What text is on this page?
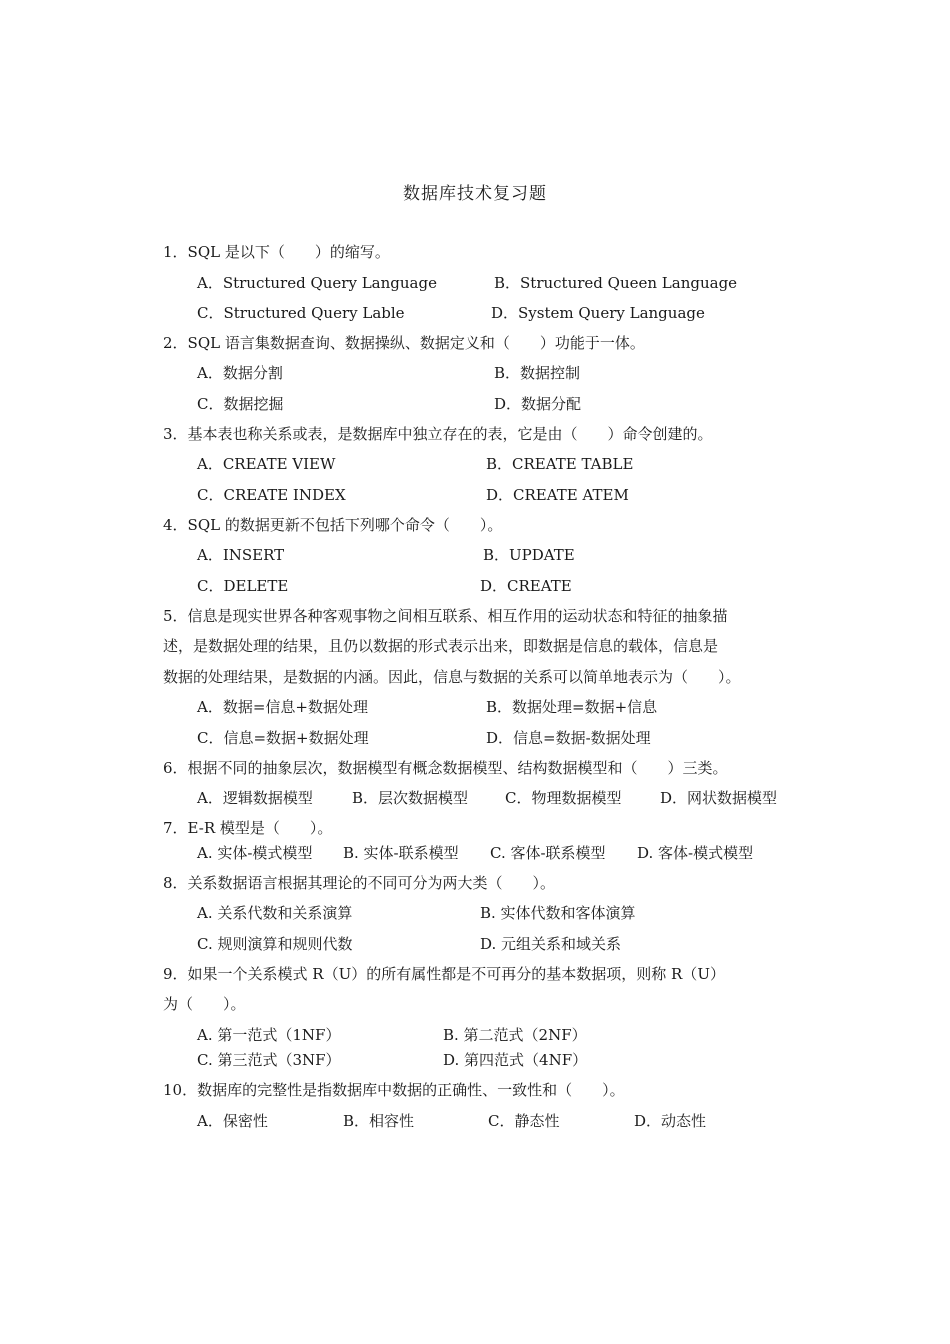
数据库技术复习题
1．SQL 是以下（　　）的缩写。
A．Structured Query Language	B．Structured Queen Language
C．Structured Query Lable	D．System Query Language
2．SQL 语言集数据查询、数据操纵、数据定义和（　　）功能于一体。
A．数据分割	B．数据控制
C．数据挖掘	D．数据分配
3．基本表也称关系或表，是数据库中独立存在的表，它是由（　　）命令创建的。
A．CREATE VIEW	B．CREATE TABLE
C．CREATE INDEX	D．CREATE ATEM
4．SQL 的数据更新不包括下列哪个命令（　　）。
A．INSERT	B．UPDATE
C．DELETE	D．CREATE
5．信息是现实世界各种客观事物之间相互联系、相互作用的运动状态和特征的抽象描
述，是数据处理的结果，且仍以数据的形式表示出来，即数据是信息的载体，信息是
数据的处理结果，是数据的内涵。因此，信息与数据的关系可以简单地表示为（　　）。
A．数据=信息+数据处理	B．数据处理=数据+信息
C．信息=数据+数据处理	D．信息=数据-数据处理
6．根据不同的抽象层次，数据模型有概念数据模型、结构数据模型和（　　）三类。
A．逻辑数据模型	B．层次数据模型 C．物理数据模型	D．网状数据模型
7．E-R 模型是（　　）。
A. 实体-模式模型 B. 实体-联系模型 C. 客体-联系模型 D. 客体-模式模型
8．关系数据语言根据其理论的不同可分为两大类（　　）。
A. 关系代数和关系演算	B. 实体代数和客体演算
C. 规则演算和规则代数	D. 元组关系和域关系
9．如果一个关系模式 R（U）的所有属性都是不可再分的基本数据项，则称 R（U）
为（　　）。
A. 第一范式（1NF）	B. 第二范式（2NF）
C. 第三范式（3NF）	D. 第四范式（4NF）
10．数据库的完整性是指数据库中数据的正确性、一致性和（　　）。
A．保密性	B．相容性	C．静态性	D．动态性
